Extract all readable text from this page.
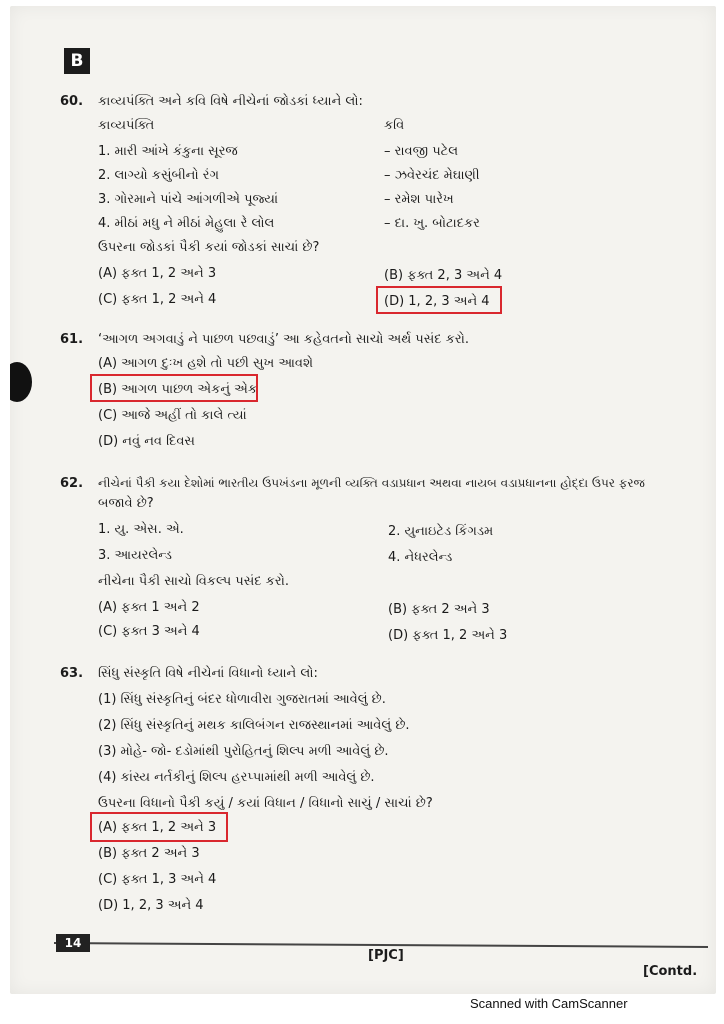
B
60. કાવ્યપંક્તિ અને કવિ વિષે નીચેનાં જોડકાં ધ્યાને લો:
કાવ્યપંક્તિ	કવિ
1. મારી આંખે કંકુના સૂરજ	– રાવજી પટેલ
2. લાગ્યો કસુંબીનો રંગ	– ઝવેરચંદ મેઘાણી
3. ગોરમાને પાંચે આંગળીએ પૂજ્યાં	– રમેશ પારેખ
4. મીઠાં મધુ ને મીઠાં મેહુલા રે લોલ	– દા. ખુ. બોટાદકર
ઉપરના જોડકાં પૈકી કયાં જોડકાં સાચાં છે?
(A) ફક્ત 1, 2 અને 3	(B) ફક્ત 2, 3 અને 4
(C) ફક્ત 1, 2 અને 4	(D) 1, 2, 3 અને 4
61. ‘આગળ અગવાડું ને પાછળ પછવાડું’ આ કહેવતનો સાચો અર્થ પસંદ કરો.
(A) આગળ દુઃખ હશે તો પછી સુખ આવશે
(B) આગળ પાછળ એકનું એક
(C) આજે અહીં તો કાલે ત્યાં
(D) નવું નવ દિવસ
62. નીચેનાં પૈકી કયા દેશોમાં ભારતીય ઉપખંડના મૂળની વ્યક્તિ વડાપ્રધાન અથવા નાયબ વડાપ્રધાનના હોદ્દા ઉપર ફરજ
બજાવે છે?
1. યુ. એસ. એ.	2. યુનાઇટેડ કિંગડમ
3. આયરલેન્ડ	4. નેધરલેન્ડ
નીચેના પૈકી સાચો વિકલ્પ પસંદ કરો.
(A) ફક્ત 1 અને 2	(B) ફક્ત 2 અને 3
(C) ફક્ત 3 અને 4	(D) ફક્ત 1, 2 અને 3
63. સિંધુ સંસ્કૃતિ વિષે નીચેનાં વિધાનો ધ્યાને લો:
(1) સિંધુ સંસ્કૃતિનું બંદર ધોળાવીરા ગુજરાતમાં આવેલું છે.
(2) સિંધુ સંસ્કૃતિનું મથક કાલિબંગન રાજસ્થાનમાં આવેલું છે.
(3) મોહે- જો- દડોમાંથી પુરોહિતનું શિલ્પ મળી આવેલું છે.
(4) કાંસ્ય નર્તકીનું શિલ્પ હરપ્પામાંથી મળી આવેલું છે.
ઉપરના વિધાનો પૈકી કયું / કયાં વિધાન / વિધાનો સાચું / સાચાં છે?
(A) ફક્ત 1, 2 અને 3
(B) ફક્ત 2 અને 3
(C) ફક્ત 1, 3 અને 4
(D) 1, 2, 3 અને 4
14
[PJC]
[Contd.
Scanned with CamScanner
